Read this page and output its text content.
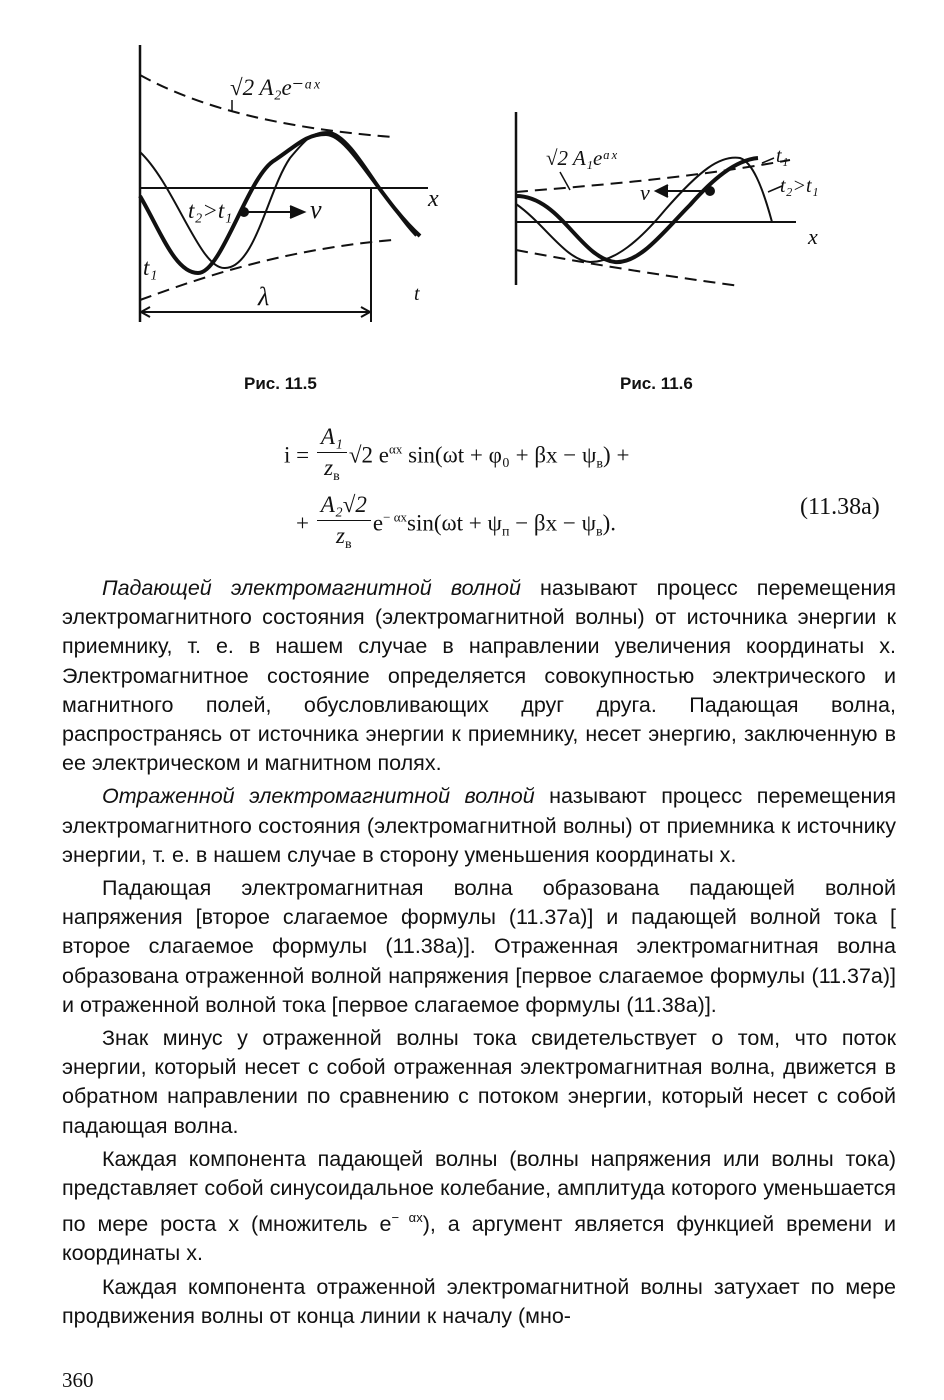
√2 A₂e⁻ᵅˣ
t₂>t₁	v	x
t₁
λ	t
√2 A₁eᵅˣ
v
t₁
t₂>t₁
x
Рис. 11.5	Рис. 11.6
$i = \frac{\text{A₁}}{z_в} √2$ $e^{\alpha x}$ $\sin(\omega t + \varphi_0 + \beta x - \psi_в)$ +
+ $\frac{\text{A₂√2}}{z_в} e^{- \alpha x}\sin(\omega t + \psi_п - \beta x - \psi_в)$.
(11.38a)

Падающей электромагнитной волной называют процесс перемещения электромагнитного состояния (электромагнитной волны) от источника энергии к приемнику, т. е. в нашем случае в направлении увеличения координаты x. Электромагнитное состояние определяется совокупностью электрического и магнитного полей, обусловливающих друг друга. Падающая волна, распространясь от источника энергии к приемнику, несет энергию, заключенную в ее электрическом и магнитном полях.

Отраженной электромагнитной волной называют процесс перемещения электромагнитного состояния (электромагнитной волны) от приемника к источнику энергии, т. е. в нашем случае в сторону уменьшения координаты x.

Падающая электромагнитная волна образована падающей волной напряжения [второе слагаемое формулы (11.37а)] и падающей волной тока [ второе слагаемое формулы (11.38а)]. Отраженная электромагнитная волна образована отраженной волной напряжения [первое слагаемое формулы (11.37а)] и отраженной волной тока [первое слагаемое формулы (11.38а)].

Знак минус у отраженной волны тока свидетельствует о том, что поток энергии, который несет с собой отраженная электромагнитная волна, движется в обратном направлении по сравнению с потоком энергии, который несет с собой падающая волна.

Каждая компонента падающей волны (волны напряжения или волны тока) представляет собой синусоидальное колебание, амплитуда которого уменьшается по мере роста x (множитель $e^{- \alpha x}$), а аргумент является функцией времени и координаты x.

Каждая компонента отраженной электромагнитной волны затухает по мере продвижения волны от конца линии к началу (мно-

360
